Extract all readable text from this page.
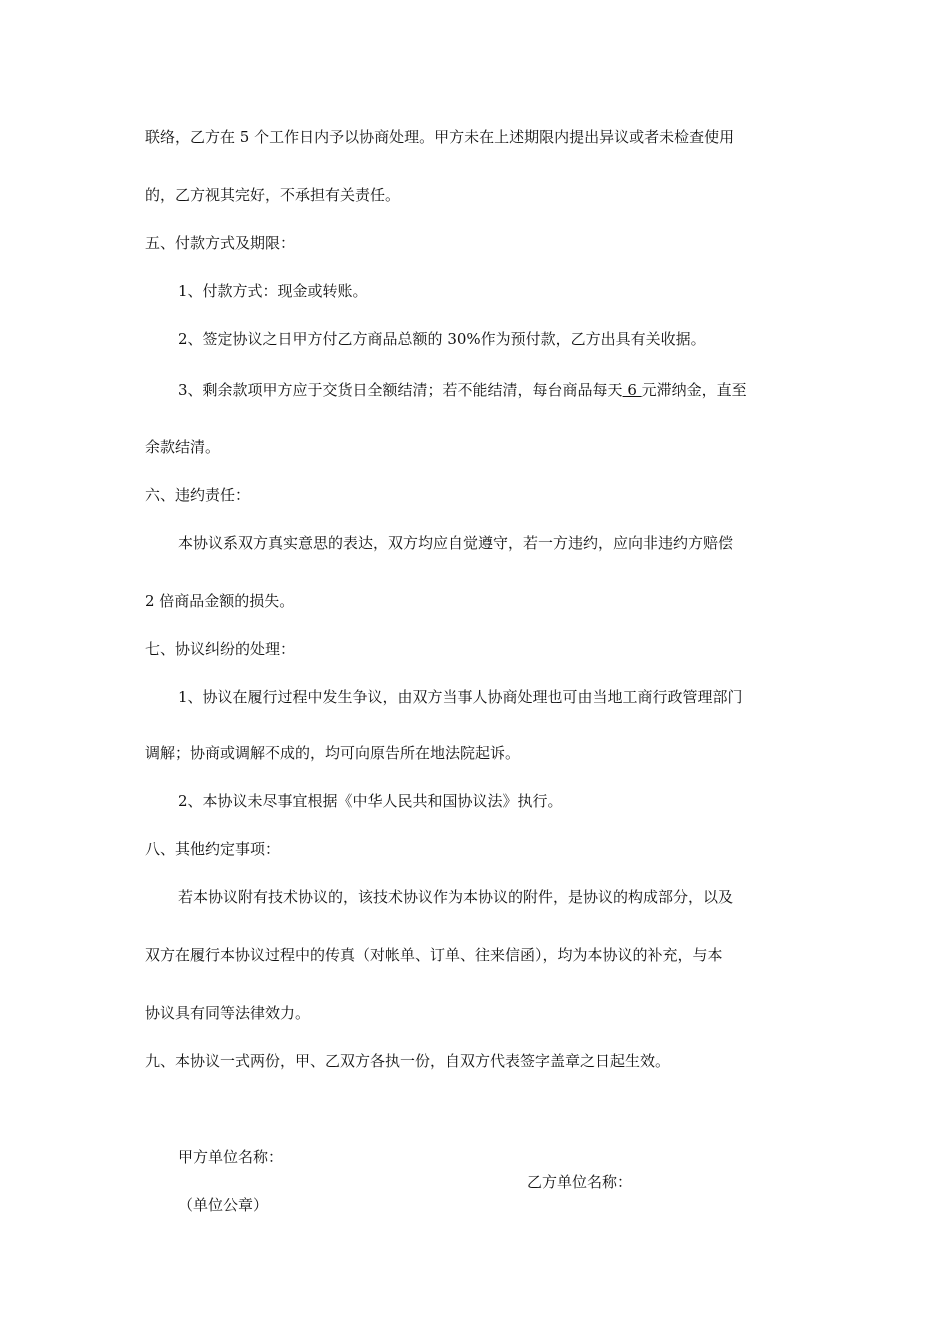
联络，乙方在 5 个工作日内予以协商处理。甲方未在上述期限内提出异议或者未检查使用
的，乙方视其完好，不承担有关责任。
五、付款方式及期限：
1、付款方式：现金或转账。
2、签定协议之日甲方付乙方商品总额的 30%作为预付款，乙方出具有关收据。
3、剩余款项甲方应于交货日全额结清；若不能结清，每台商品每天 6 元滞纳金，直至
余款结清。
六、违约责任：
本协议系双方真实意思的表达，双方均应自觉遵守，若一方违约，应向非违约方赔偿
2 倍商品金额的损失。
七、协议纠纷的处理：
1、协议在履行过程中发生争议，由双方当事人协商处理也可由当地工商行政管理部门
调解；协商或调解不成的，均可向原告所在地法院起诉。
2、本协议未尽事宜根据《中华人民共和国协议法》执行。
八、其他约定事项：
若本协议附有技术协议的，该技术协议作为本协议的附件，是协议的构成部分，以及
双方在履行本协议过程中的传真（对帐单、订单、往来信函），均为本协议的补充，与本
协议具有同等法律效力。
九、本协议一式两份，甲、乙双方各执一份，自双方代表签字盖章之日起生效。
甲方单位名称：
乙方单位名称：
（单位公章）
